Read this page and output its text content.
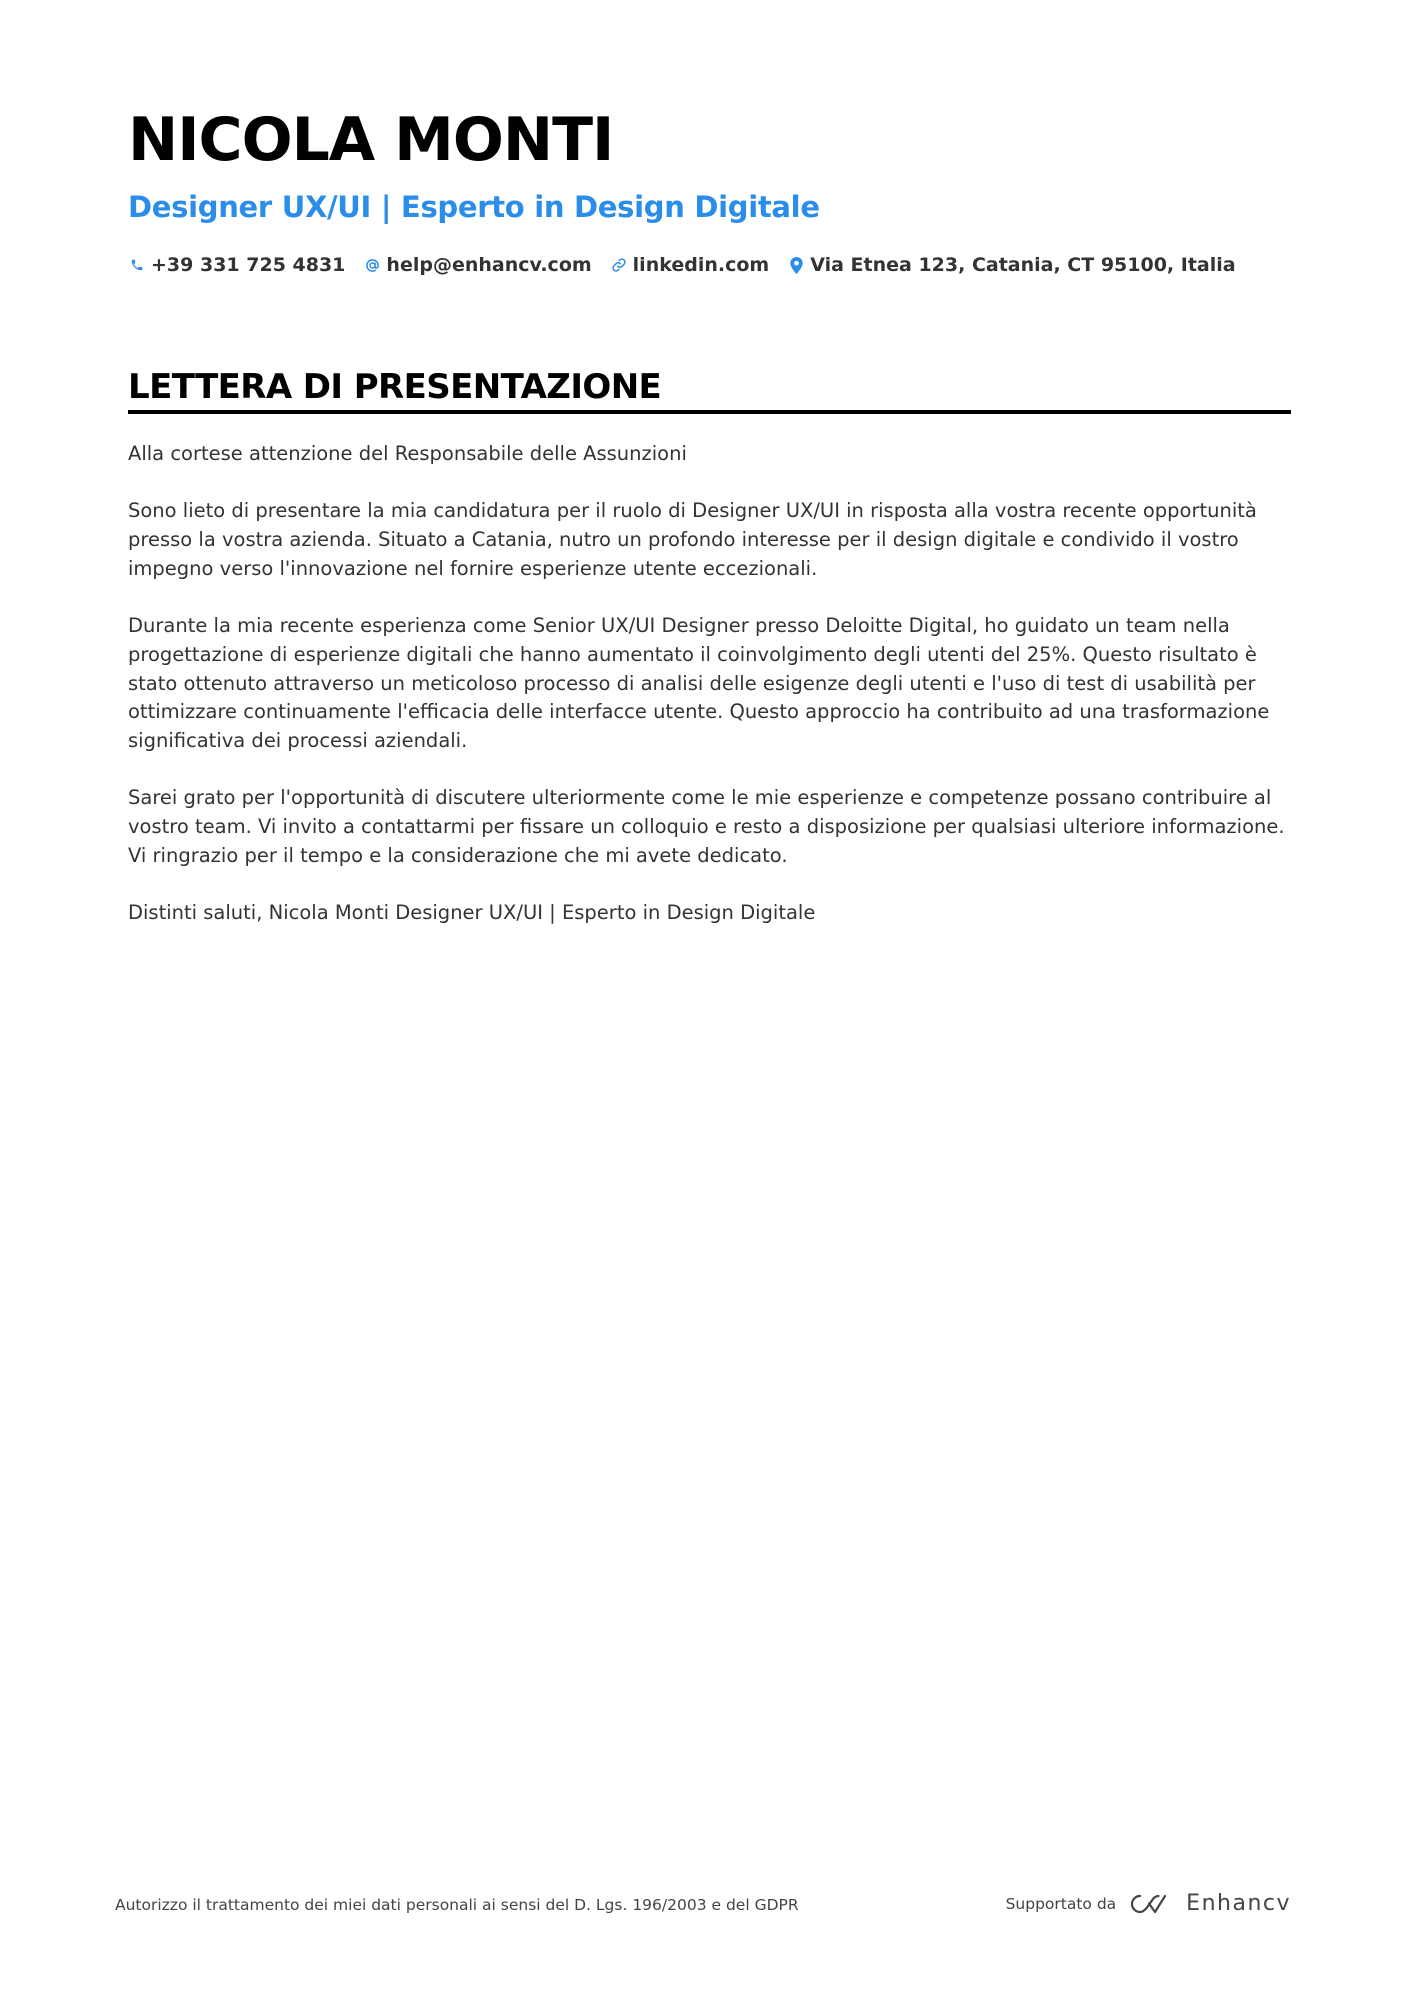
NICOLA MONTI
Designer UX/UI | Esperto in Design Digitale
+39 331 725 4831 help@enhancv.com linkedin.com Via Etnea 123, Catania, CT 95100, Italia
LETTERA DI PRESENTAZIONE

Alla cortese attenzione del Responsabile delle Assunzioni

Sono lieto di presentare la mia candidatura per il ruolo di Designer UX/UI in risposta alla vostra recente opportunità presso la vostra azienda. Situato a Catania, nutro un profondo interesse per il design digitale e condivido il vostro impegno verso l'innovazione nel fornire esperienze utente eccezionali.

Durante la mia recente esperienza come Senior UX/UI Designer presso Deloitte Digital, ho guidato un team nella progettazione di esperienze digitali che hanno aumentato il coinvolgimento degli utenti del 25%. Questo risultato è stato ottenuto attraverso un meticoloso processo di analisi delle esigenze degli utenti e l'uso di test di usabilità per ottimizzare continuamente l'efficacia delle interfacce utente. Questo approccio ha contribuito ad una trasformazione significativa dei processi aziendali.

Sarei grato per l'opportunità di discutere ulteriormente come le mie esperienze e competenze possano contribuire al vostro team. Vi invito a contattarmi per fissare un colloquio e resto a disposizione per qualsiasi ulteriore informazione. Vi ringrazio per il tempo e la considerazione che mi avete dedicato.

Distinti saluti, Nicola Monti Designer UX/UI | Esperto in Design Digitale

Autorizzo il trattamento dei miei dati personali ai sensi del D. Lgs. 196/2003 e del GDPR	Supportato da	Enhancv
